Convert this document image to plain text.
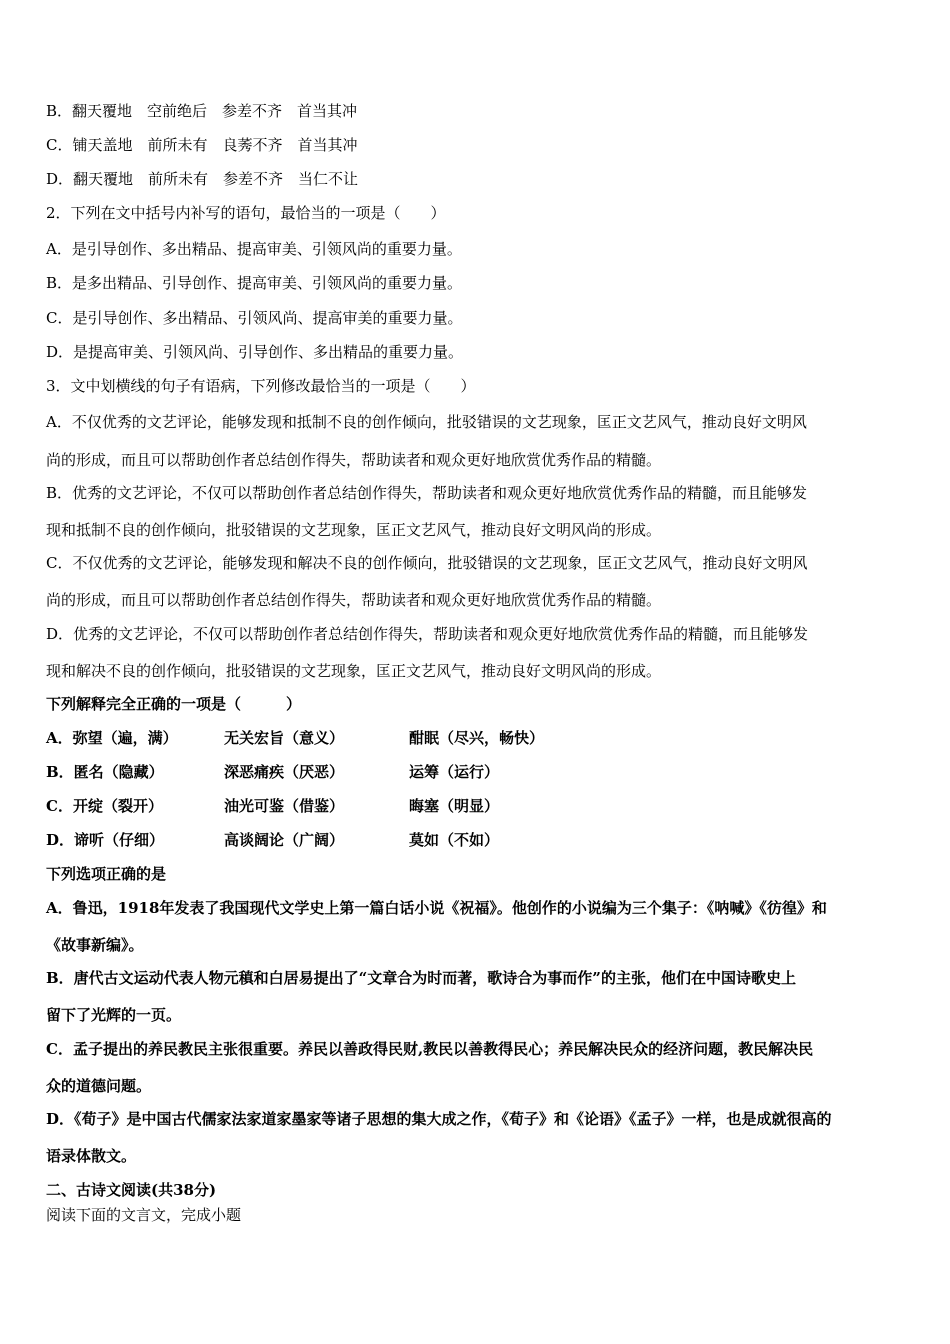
B．翻天覆地　空前绝后　参差不齐　首当其冲
C．铺天盖地　前所未有　良莠不齐　首当其冲
D．翻天覆地　前所未有　参差不齐　当仁不让
2．下列在文中括号内补写的语句，最恰当的一项是（　　）
A．是引导创作、多出精品、提高审美、引领风尚的重要力量。
B．是多出精品、引导创作、提高审美、引领风尚的重要力量。
C．是引导创作、多出精品、引领风尚、提高审美的重要力量。
D．是提高审美、引领风尚、引导创作、多出精品的重要力量。
3．文中划横线的句子有语病，下列修改最恰当的一项是（　　）
A．不仅优秀的文艺评论，能够发现和抵制不良的创作倾向，批驳错误的文艺现象，匡正文艺风气，推动良好文明风
尚的形成，而且可以帮助创作者总结创作得失，帮助读者和观众更好地欣赏优秀作品的精髓。
B．优秀的文艺评论，不仅可以帮助创作者总结创作得失，帮助读者和观众更好地欣赏优秀作品的精髓，而且能够发
现和抵制不良的创作倾向，批驳错误的文艺现象，匡正文艺风气，推动良好文明风尚的形成。
C．不仅优秀的文艺评论，能够发现和解决不良的创作倾向，批驳错误的文艺现象，匡正文艺风气，推动良好文明风
尚的形成，而且可以帮助创作者总结创作得失，帮助读者和观众更好地欣赏优秀作品的精髓。
D．优秀的文艺评论，不仅可以帮助创作者总结创作得失，帮助读者和观众更好地欣赏优秀作品的精髓，而且能够发
现和解决不良的创作倾向，批驳错误的文艺现象，匡正文艺风气，推动良好文明风尚的形成。
下列解释完全正确的一项是（　　　）
A．弥望（遍，满）	无关宏旨（意义）	酣眠（尽兴，畅快）
B．匿名（隐藏）	深恶痛疾（厌恶）	运筹（运行）
C．开绽（裂开）	油光可鉴（借鉴）	晦塞（明显）
D．谛听（仔细）	高谈阔论（广阔）	莫如（不如）
下列选项正确的是
A．鲁迅，1918年发表了我国现代文学史上第一篇白话小说《祝福》。他创作的小说编为三个集子：《呐喊》《彷徨》和
《故事新编》。
B．唐代古文运动代表人物元稹和白居易提出了“文章合为时而著，歌诗合为事而作”的主张，他们在中国诗歌史上
留下了光辉的一页。
C．孟子提出的养民教民主张很重要。养民以善政得民财,教民以善教得民心；养民解决民众的经济问题，教民解决民
众的道德问题。
D．《荀子》是中国古代儒家法家道家墨家等诸子思想的集大成之作，《荀子》和《论语》《孟子》一样，也是成就很高的
语录体散文。
二、古诗文阅读(共38分)
阅读下面的文言文，完成小题
